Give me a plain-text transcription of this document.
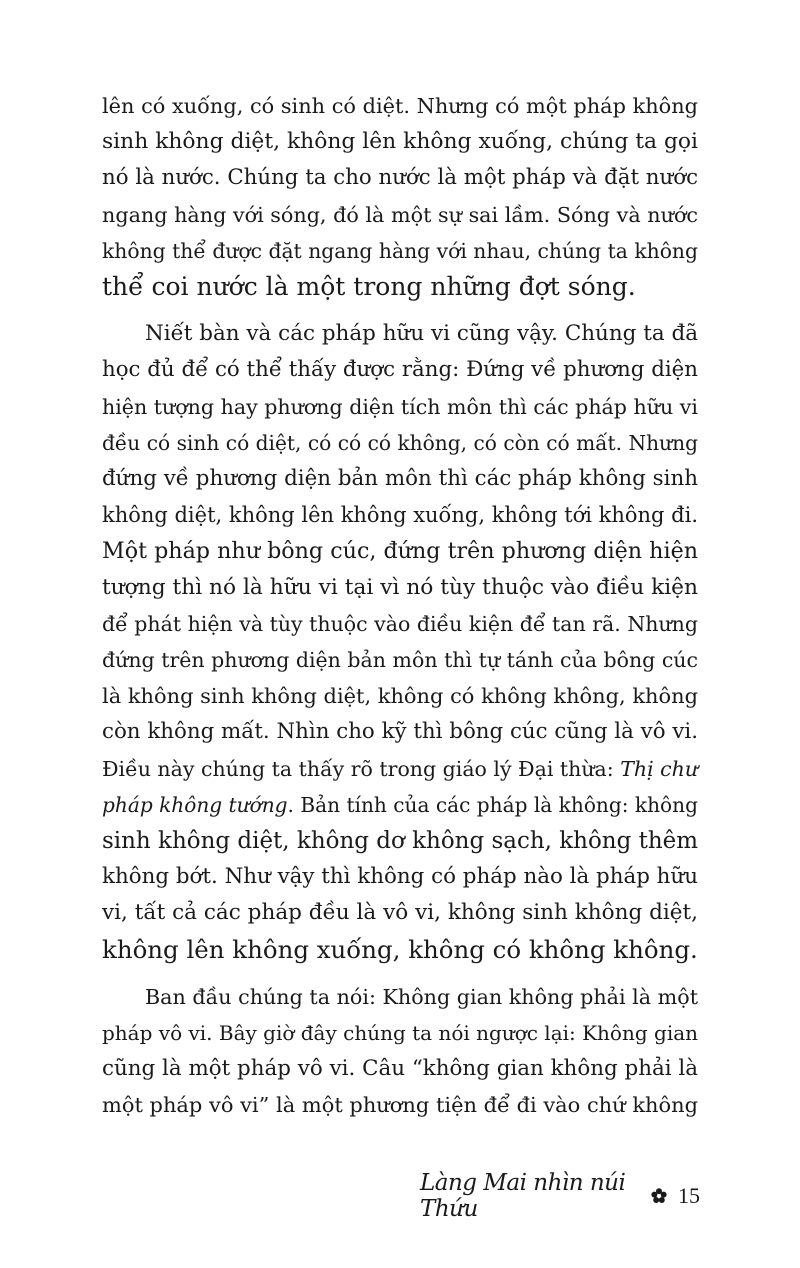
lên có xuống, có sinh có diệt. Nhưng có một pháp không
sinh không diệt, không lên không xuống, chúng ta gọi
nó là nước. Chúng ta cho nước là một pháp và đặt nước
ngang hàng với sóng, đó là một sự sai lầm. Sóng và nước
không thể được đặt ngang hàng với nhau, chúng ta không
thể coi nước là một trong những đợt sóng.

Niết bàn và các pháp hữu vi cũng vậy. Chúng ta đã
học đủ để có thể thấy được rằng: Đứng về phương diện
hiện tượng hay phương diện tích môn thì các pháp hữu vi
đều có sinh có diệt, có có có không, có còn có mất. Nhưng
đứng về phương diện bản môn thì các pháp không sinh
không diệt, không lên không xuống, không tới không đi.
Một pháp như bông cúc, đứng trên phương diện hiện
tượng thì nó là hữu vi tại vì nó tùy thuộc vào điều kiện
để phát hiện và tùy thuộc vào điều kiện để tan rã. Nhưng
đứng trên phương diện bản môn thì tự tánh của bông cúc
là không sinh không diệt, không có không không, không
còn không mất. Nhìn cho kỹ thì bông cúc cũng là vô vi.
Điều này chúng ta thấy rõ trong giáo lý Đại thừa: Thị chư
pháp không tướng. Bản tính của các pháp là không: không
sinh không diệt, không dơ không sạch, không thêm
không bớt. Như vậy thì không có pháp nào là pháp hữu
vi, tất cả các pháp đều là vô vi, không sinh không diệt,
không lên không xuống, không có không không.

Ban đầu chúng ta nói: Không gian không phải là một
pháp vô vi. Bây giờ đây chúng ta nói ngược lại: Không gian
cũng là một pháp vô vi. Câu “không gian không phải là
một pháp vô vi” là một phương tiện để đi vào chứ không

Làng Mai nhìn núi Thứu
15
